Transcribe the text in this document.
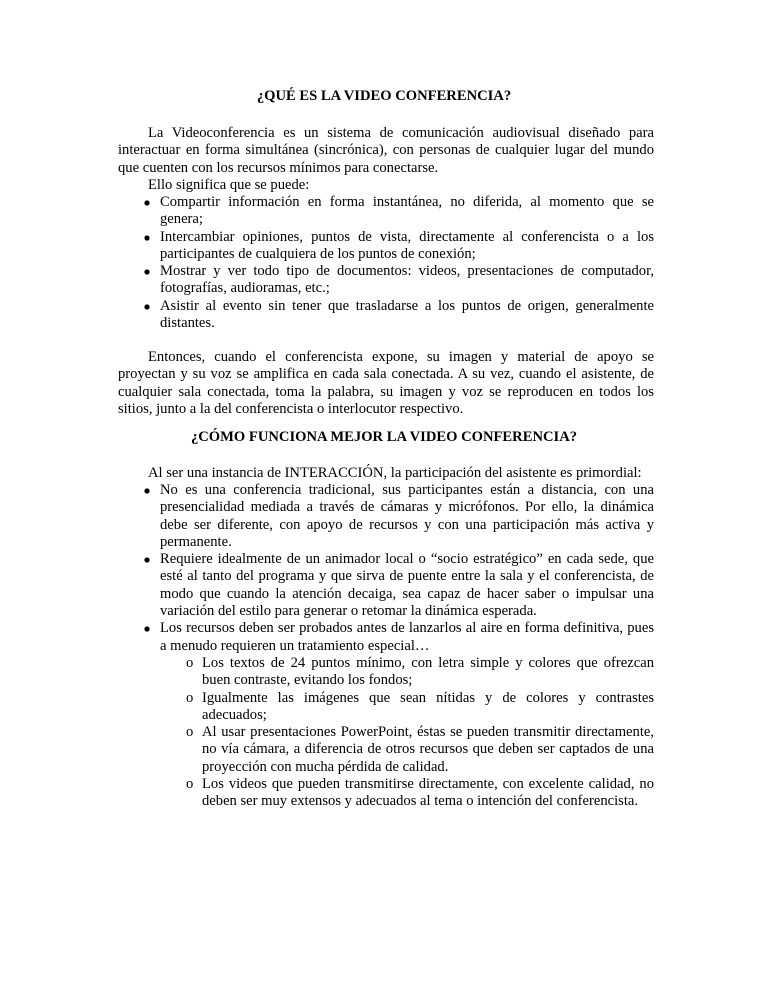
¿QUÉ ES LA VIDEO CONFERENCIA?

La Videoconferencia es un sistema de comunicación audiovisual diseñado para interactuar en forma simultánea (sincrónica), con personas de cualquier lugar del mundo que cuenten con los recursos mínimos para conectarse.

Ello significa que se puede:

Compartir información en forma instantánea, no diferida, al momento que se genera;
Intercambiar opiniones, puntos de vista, directamente al conferencista o a los participantes de cualquiera de los puntos de conexión;
Mostrar y ver todo tipo de documentos: videos, presentaciones de computador, fotografías, audioramas, etc.;
Asistir al evento sin tener que trasladarse a los puntos de origen, generalmente distantes.

Entonces, cuando el conferencista expone, su imagen y material de apoyo se proyectan y su voz se amplifica en cada sala conectada. A su vez, cuando el asistente, de cualquier sala conectada, toma la palabra, su imagen y voz se reproducen en todos los sitios, junto a la del conferencista o interlocutor respectivo.

¿CÓMO FUNCIONA MEJOR LA VIDEO CONFERENCIA?

Al ser una instancia de INTERACCIÓN, la participación del asistente es primordial:

No es una conferencia tradicional, sus participantes están a distancia, con una presencialidad mediada a través de cámaras y micrófonos. Por ello, la dinámica debe ser diferente, con apoyo de recursos y con una participación más activa y permanente.
Requiere idealmente de un animador local o “socio estratégico” en cada sede, que esté al tanto del programa y que sirva de puente entre la sala y el conferencista, de modo que cuando la atención decaiga, sea capaz de hacer saber o impulsar una variación del estilo para generar o retomar la dinámica esperada.
Los recursos deben ser probados antes de lanzarlos al aire en forma definitiva, pues a menudo requieren un tratamiento especial…
o Los textos de 24 puntos mínimo, con letra simple y colores que ofrezcan buen contraste, evitando los fondos;
o Igualmente las imágenes que sean nítidas y de colores y contrastes adecuados;
o Al usar presentaciones PowerPoint, éstas se pueden transmitir directamente, no vía cámara, a diferencia de otros recursos que deben ser captados de una proyección con mucha pérdida de calidad.
o Los videos que pueden transmitirse directamente, con excelente calidad, no deben ser muy extensos y adecuados al tema o intención del conferencista.
